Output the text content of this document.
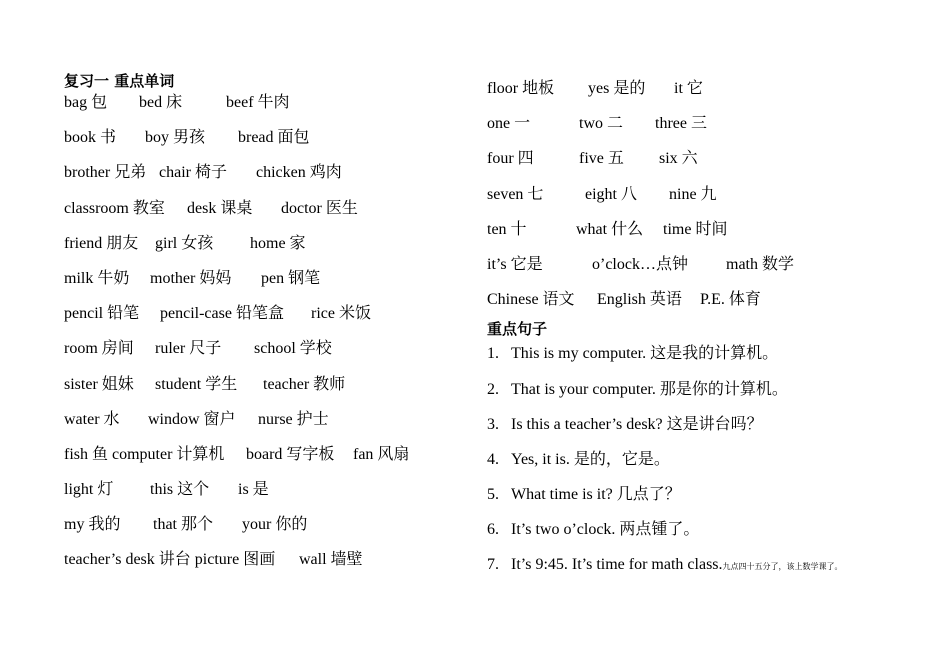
复习一 重点单词
bag 包 bed 床	beef 牛肉
book 书 boy 男孩 bread 面包
brother 兄弟 chair 椅子 chicken 鸡肉
classroom 教室 desk 课桌 doctor 医生
friend 朋友 girl 女孩 home 家
milk 牛奶 mother 妈妈 pen 钢笔
pencil 铅笔 pencil-case 铅笔盒 rice 米饭
room 房间 ruler 尺子 school 学校
sister 姐妹 student 学生 teacher 教师
water 水 window 窗户 nurse 护士
fish 鱼 computer 计算机 board 写字板 fan 风扇
light 灯 this 这个 is 是
my 我的 that 那个 your 你的
teacher’s desk 讲台 picture 图画 wall 墙壁
floor 地板 yes 是的 it 它
one 一	two 二 three 三
four 四	five 五 six 六
seven 七	eight 八 nine 九
ten 十	what 什么 time 时间
it’s 它是	o’clock…点钟 math 数学
Chinese 语文 English 英语 P.E. 体育
重点句子
1. This is my computer. 这是我的计算机。
2. That is your computer. 那是你的计算机。
3. Is this a teacher’s desk? 这是讲台吗？
4. Yes, it is. 是的，它是。
5. What time is it? 几点了？
6. It’s two o’clock. 两点锺了。
7. It’s 9:45. It’s time for math class.九点四十五分了，该上数学课了。
